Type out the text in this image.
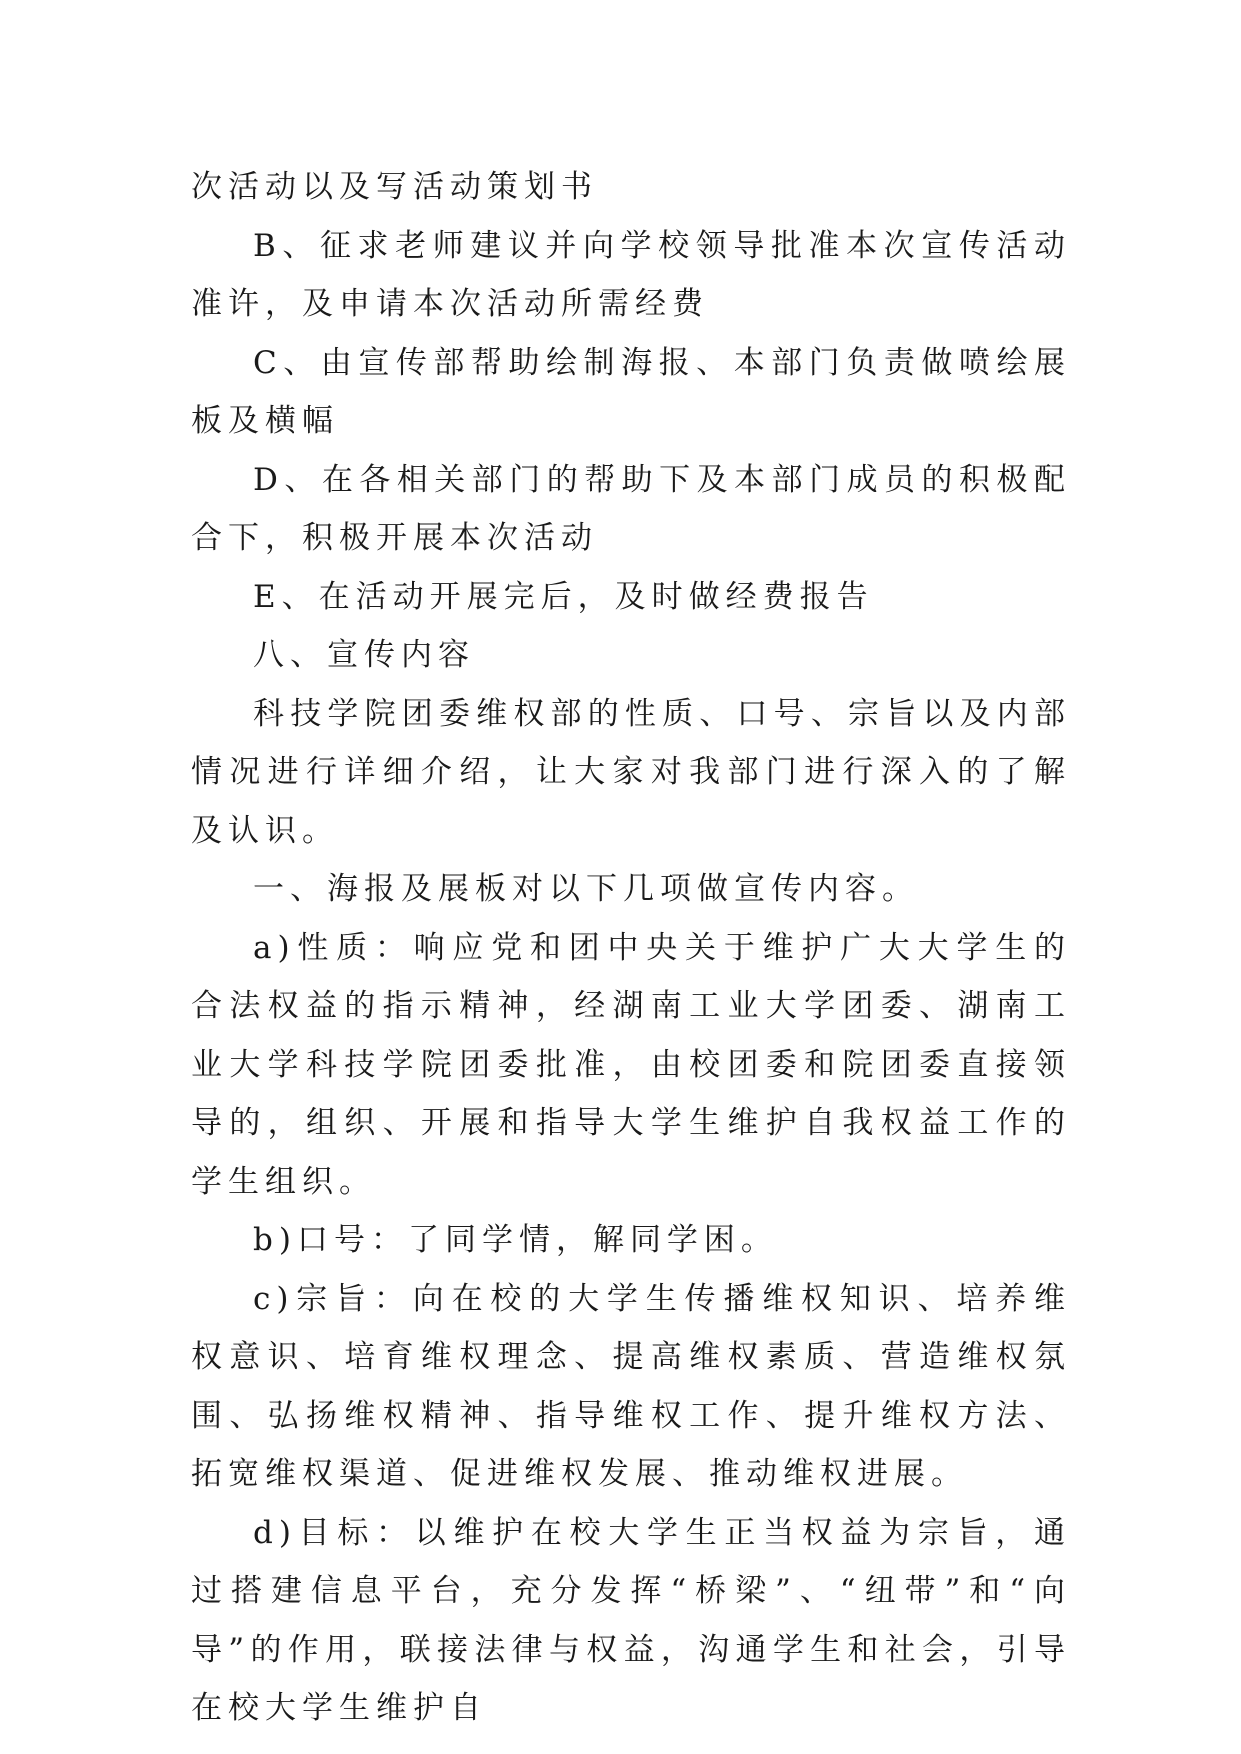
次活动以及写活动策划书

B、征求老师建议并向学校领导批准本次宣传活动准许，及申请本次活动所需经费

C、由宣传部帮助绘制海报、本部门负责做喷绘展板及横幅

D、在各相关部门的帮助下及本部门成员的积极配合下，积极开展本次活动

E、在活动开展完后，及时做经费报告

八、宣传内容

科技学院团委维权部的性质、口号、宗旨以及内部情况进行详细介绍，让大家对我部门进行深入的了解及认识。

一、海报及展板对以下几项做宣传内容。

a)性质：响应党和团中央关于维护广大大学生的合法权益的指示精神，经湖南工业大学团委、湖南工业大学科技学院团委批准，由校团委和院团委直接领导的，组织、开展和指导大学生维护自我权益工作的学生组织。

b)口号：了同学情，解同学困。

c)宗旨：向在校的大学生传播维权知识、培养维权意识、培育维权理念、提高维权素质、营造维权氛围、弘扬维权精神、指导维权工作、提升维权方法、拓宽维权渠道、促进维权发展、推动维权进展。

d)目标：以维护在校大学生正当权益为宗旨，通过搭建信息平台，充分发挥“桥梁”、“纽带”和“向导”的作用，联接法律与权益，沟通学生和社会，引导在校大学生维护自
